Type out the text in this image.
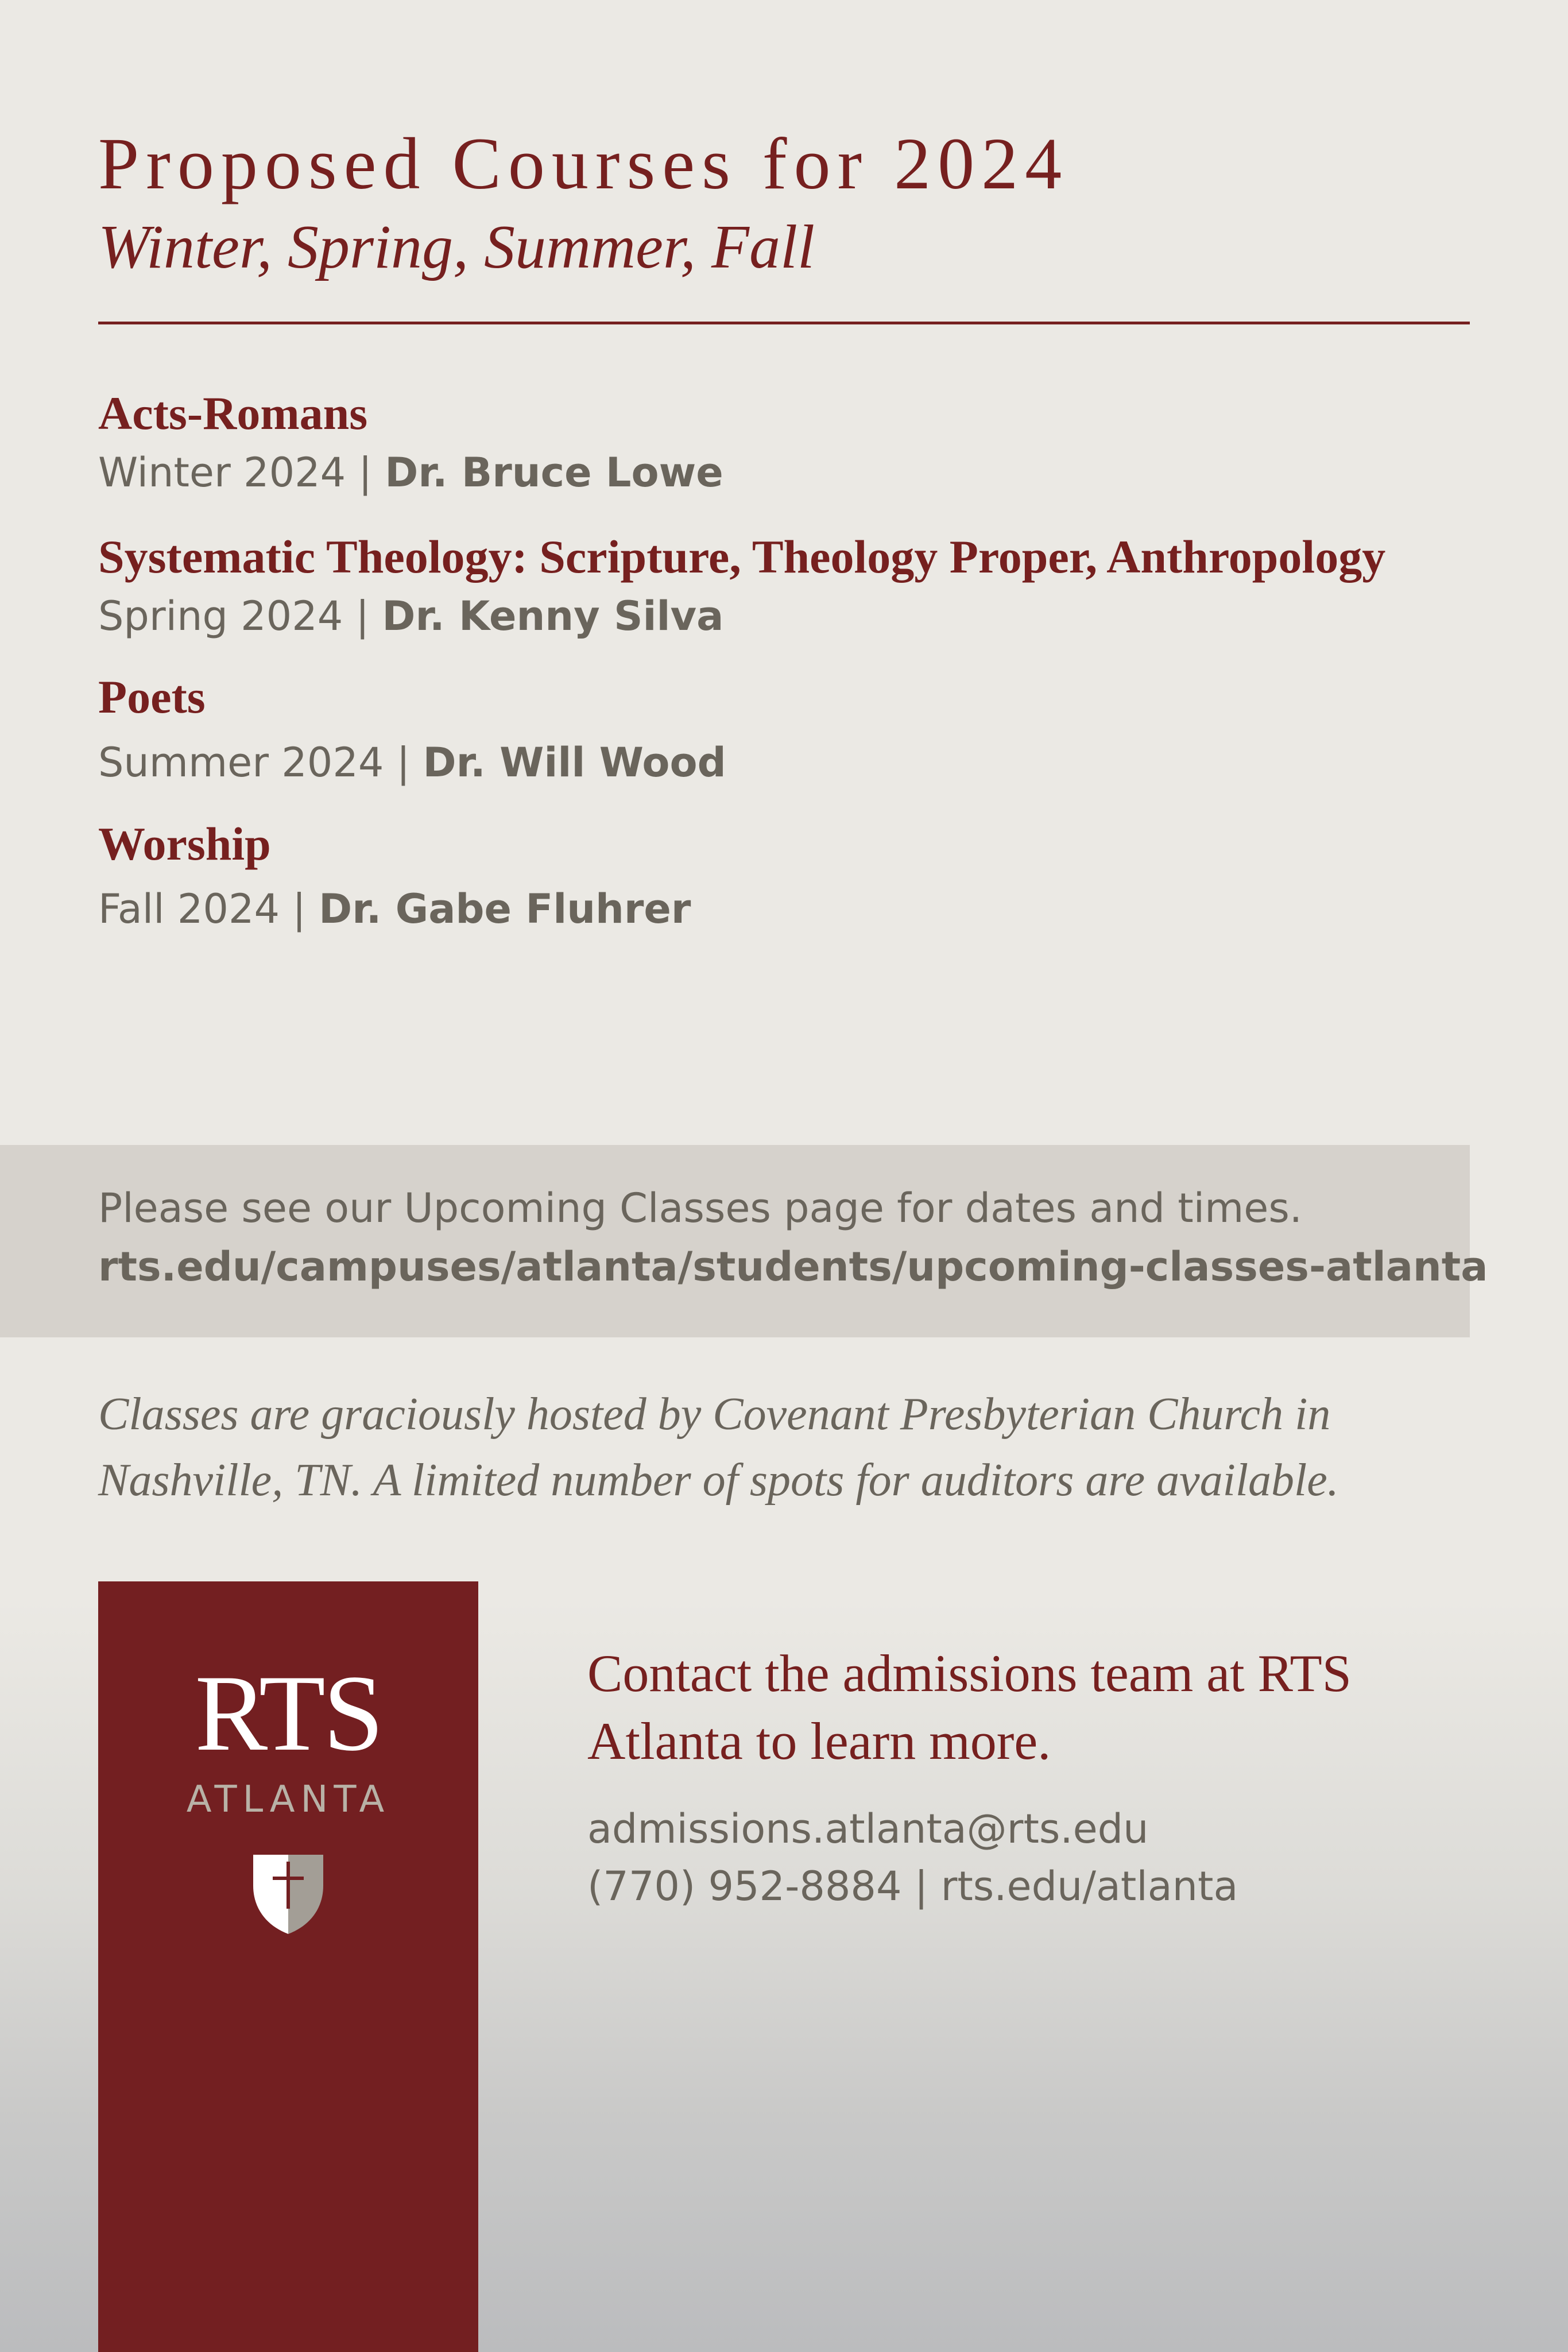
Proposed Courses for 2024
Winter, Spring, Summer, Fall
Acts-Romans
Winter 2024 | Dr. Bruce Lowe
Systematic Theology: Scripture, Theology Proper, Anthropology
Spring 2024 | Dr. Kenny Silva
Poets
Summer 2024 | Dr. Will Wood
Worship
Fall 2024 | Dr. Gabe Fluhrer
Please see our Upcoming Classes page for dates and times.
rts.edu/campuses/atlanta/students/upcoming-classes-atlanta
Classes are graciously hosted by Covenant Presbyterian Church in Nashville, TN. A limited number of spots for auditors are available.
RTS
ATLANTA
Contact the admissions team at RTS Atlanta to learn more.
admissions.atlanta@rts.edu
(770) 952-8884 | rts.edu/atlanta
